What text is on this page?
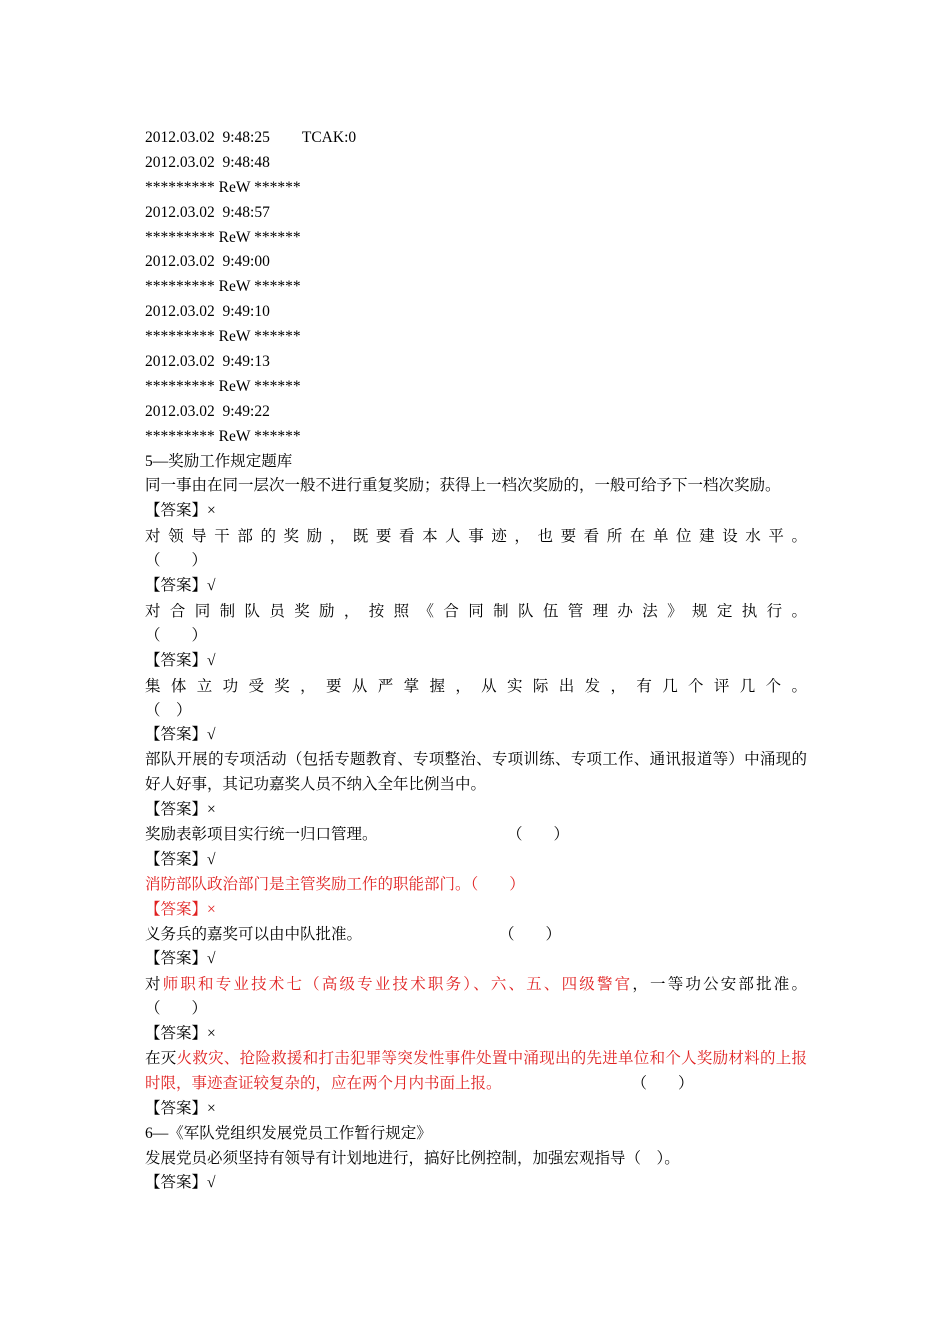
2012.03.02  9:48:25 TCAK:0
2012.03.02  9:48:48
********* ReW ******
2012.03.02  9:48:57
********* ReW ******
2012.03.02  9:49:00
********* ReW ******
2012.03.02  9:49:10
********* ReW ******
2012.03.02  9:49:13
********* ReW ******
2012.03.02  9:49:22
********* ReW ******
5—奖励工作规定题库
同一事由在同一层次一般不进行重复奖励；获得上一档次奖励的，一般可给予下一档次奖励。
【答案】×
对领导干部的奖励，既要看本人事迹，也要看所在单位建设水平。
（　　）
【答案】√
对合同制队员奖励，按照《合同制队伍管理办法》规定执行。
（　　）
【答案】√
集体立功受奖，要从严掌握，从实际出发，有几个评几个。
（　）
【答案】√
部队开展的专项活动（包括专题教育、专项整治、专项训练、专项工作、通讯报道等）中涌现的好人好事，其记功嘉奖人员不纳入全年比例当中。
【答案】×
奖励表彰项目实行统一归口管理。	（　　）
【答案】√
消防部队政治部门是主管奖励工作的职能部门。（　　）
【答案】×
义务兵的嘉奖可以由中队批准。	（　　）
【答案】√
对师职和专业技术七（高级专业技术职务）、六、五、四级警官，一等功公安部批准。
（　　）
【答案】×
在灭火救灾、抢险救援和打击犯罪等突发性事件处置中涌现出的先进单位和个人奖励材料的上报时限，事迹查证较复杂的，应在两个月内书面上报。	（　　）
【答案】×
6—《军队党组织发展党员工作暂行规定》
发展党员必须坚持有领导有计划地进行，搞好比例控制，加强宏观指导（　）。
【答案】√
